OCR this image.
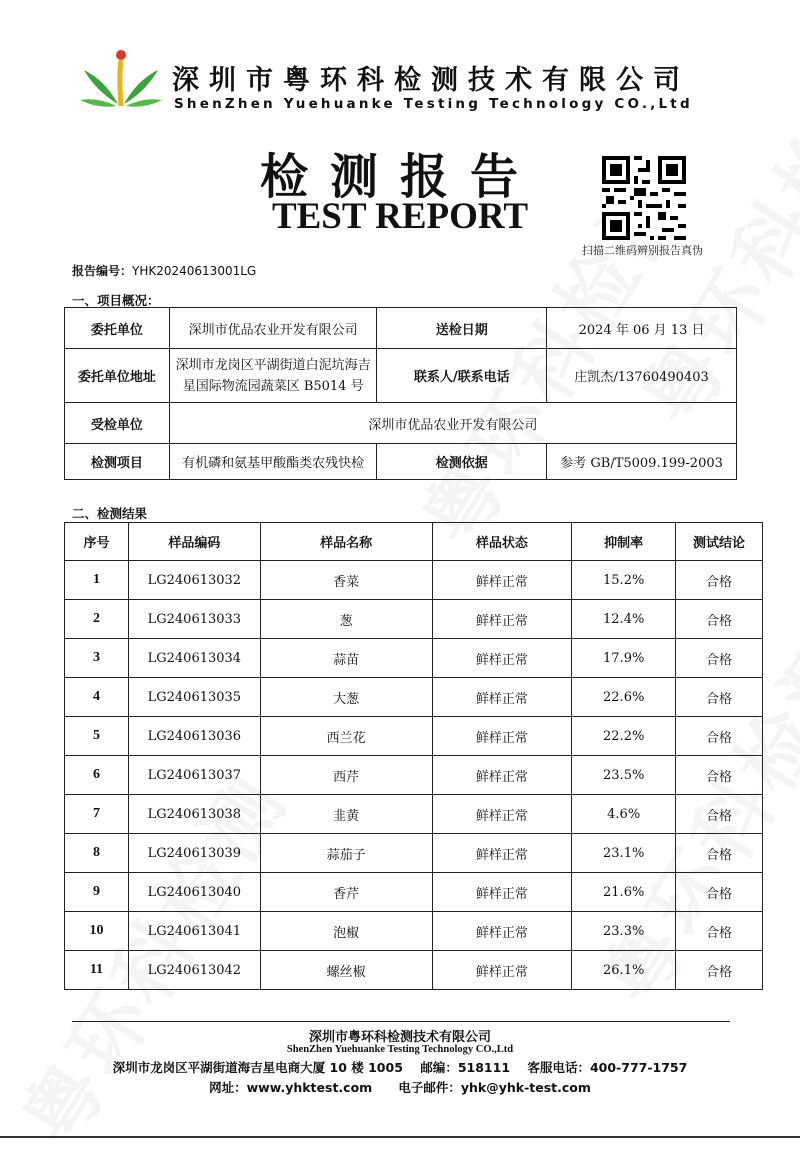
深圳市粤环科检测技术有限公司
ShenZhen Yuehuanke Testing Technology CO.,Ltd
检测报告
TEST REPORT
扫描二维码辨别报告真伪
报告编号：YHK20240613001LG
一、项目概况：
委托单位	深圳市优品农业开发有限公司	送检日期	2024 年 06 月 13 日
委托单位地址	深圳市龙岗区平湖街道白泥坑海吉星国际物流园蔬菜区 B5014 号	联系人/联系电话	庄凯杰/13760490403
受检单位	深圳市优品农业开发有限公司		
检测项目	有机磷和氨基甲酸酯类农残快检	检测依据	参考 GB/T5009.199-2003
二、检测结果
序号	样品编码	样品名称	样品状态	抑制率	测试结论
1	LG240613032	香菜	鲜样正常	15.2%	合格
2	LG240613033	葱	鲜样正常	12.4%	合格
3	LG240613034	蒜苗	鲜样正常	17.9%	合格
4	LG240613035	大葱	鲜样正常	22.6%	合格
5	LG240613036	西兰花	鲜样正常	22.2%	合格
6	LG240613037	西芹	鲜样正常	23.5%	合格
7	LG240613038	韭黄	鲜样正常	4.6%	合格
8	LG240613039	蒜茄子	鲜样正常	23.1%	合格
9	LG240613040	香芹	鲜样正常	21.6%	合格
10	LG240613041	泡椒	鲜样正常	23.3%	合格
11	LG240613042	螺丝椒	鲜样正常	26.1%	合格
深圳市粤环科检测技术有限公司
ShenZhen Yuehuanke Testing Technology CO.,Ltd
深圳市龙岗区平湖街道海吉星电商大厦 10 楼 1005 邮编：518111 客服电话：400-777-1757
网址：www.yhktest.com 电子邮件：yhk@yhk-test.com
